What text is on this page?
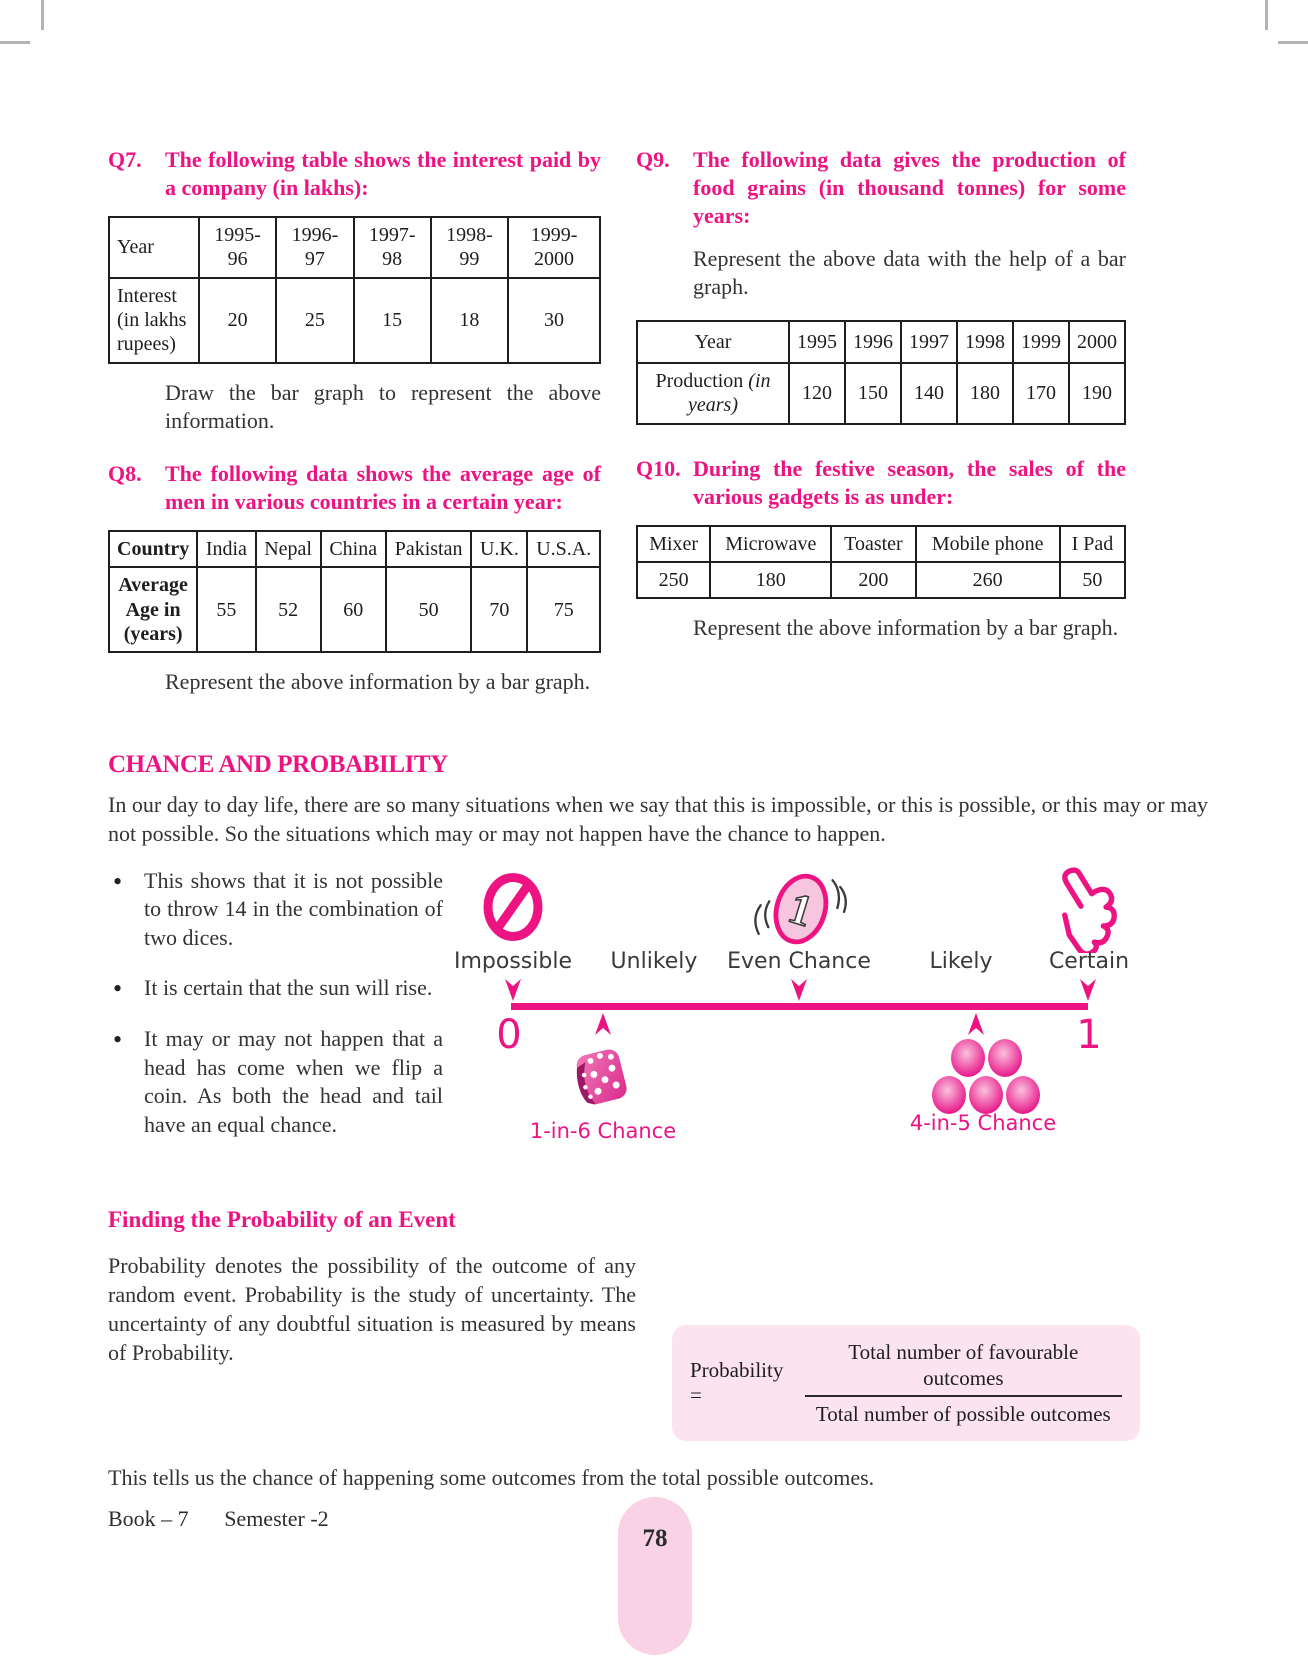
Q7.	The following table shows the interest paid by a company (in lakhs):
Year	1995-96	1996-97	1997-98	1998-99	1999-2000
Interest (in lakhs rupees)	20	25	15	18	30

Draw the bar graph to represent the above information.

Q8.	The following data shows the average age of men in various countries in a certain year:
Country	India	Nepal	China	Pakistan	U.K.	U.S.A.
Average Age in (years)	55	52	60	50	70	75

Represent the above information by a bar graph.

Q9.	The following data gives the production of food grains (in thousand tonnes) for some years:

Represent the above data with the help of a bar graph.

Year	1995	1996	1997	1998	1999	2000
Production (in years)	120	150	140	180	170	190
Q10. During the festive season, the sales of the various gadgets is as under:
Mixer	Microwave	Toaster	Mobile phone	I Pad
250	180	200	260	50

Represent the above information by a bar graph.

CHANCE AND PROBABILITY

In our day to day life, there are so many situations when we say that this is impossible, or this is possible, or this may or may not possible. So the situations which may or may not happen have the chance to happen.

• This shows that it is not possible to throw 14 in the combination of two dices.
• It is certain that the sun will rise.
• It may or may not happen that a head has come when we flip a coin. As both the head and tail have an equal chance.
1
Impossible Unlikely Even Chance	Likely	Certain
0	1
1-in-6 Chance	4-in-5 Chance
Finding the Probability of an Event

Probability denotes the possibility of the outcome of any random event. Probability is the study of uncertainty. The uncertainty of any doubtful situation is measured by means of Probability.

Probability =	$\frac{\text{Total number of favourable outcomes}}{\text{Total number of possible outcomes}}$

This tells us the chance of happening some outcomes from the total possible outcomes.

Book – 7 Semester -2
78
